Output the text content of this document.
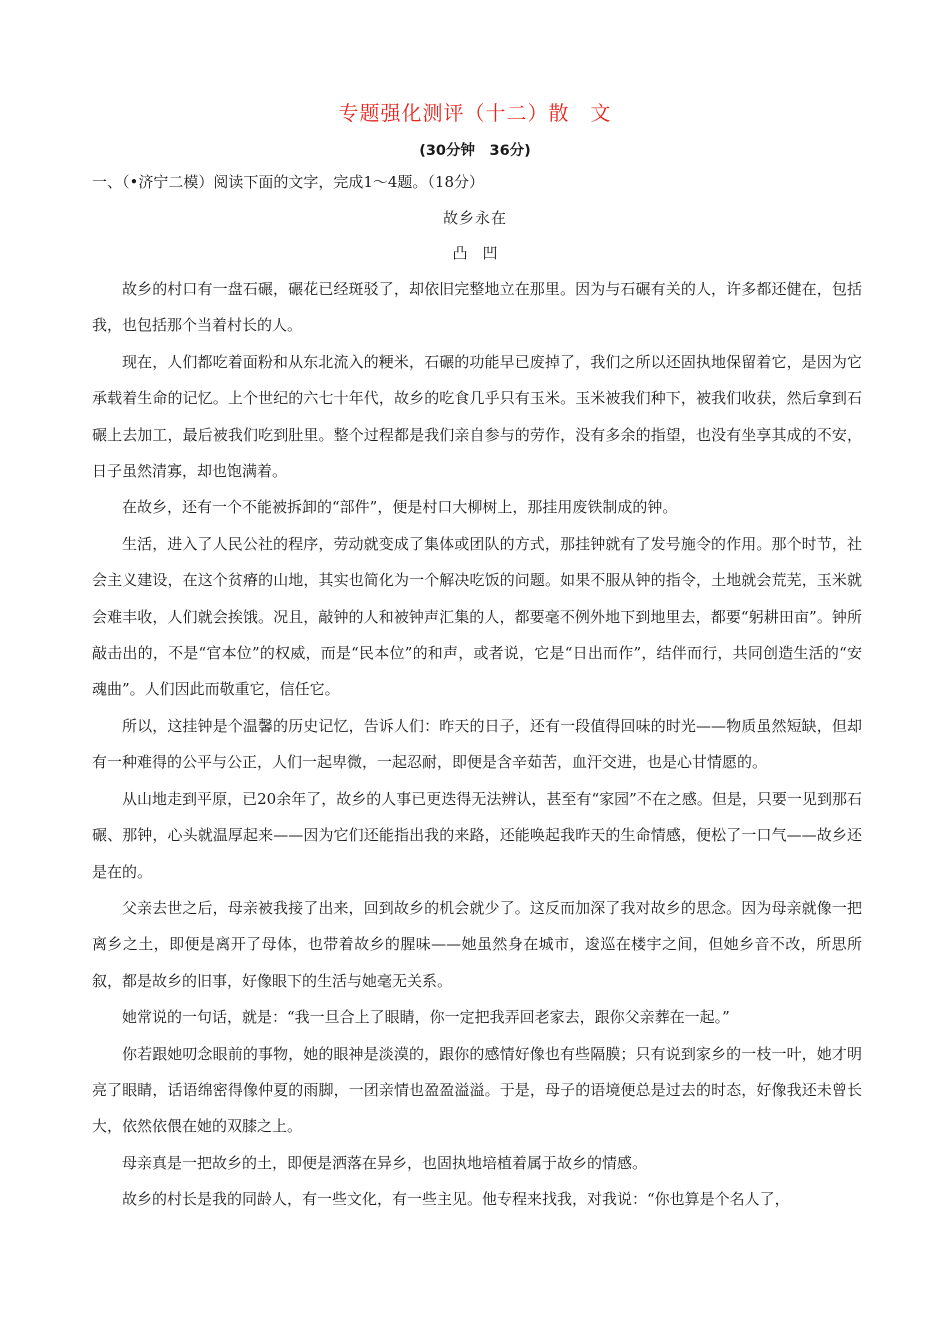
专题强化测评（十二）散　文
(30分钟　36分)
一、（•济宁二模）阅读下面的文字，完成1～4题。（18分）
故乡永在
凸　凹

故乡的村口有一盘石碾，碾花已经斑驳了，却依旧完整地立在那里。因为与石碾有关的人，许多都还健在，包括我，也包括那个当着村长的人。

现在，人们都吃着面粉和从东北流入的粳米，石碾的功能早已废掉了，我们之所以还固执地保留着它，是因为它承载着生命的记忆。上个世纪的六七十年代，故乡的吃食几乎只有玉米。玉米被我们种下，被我们收获，然后拿到石碾上去加工，最后被我们吃到肚里。整个过程都是我们亲自参与的劳作，没有多余的指望，也没有坐享其成的不安，日子虽然清寡，却也饱满着。

在故乡，还有一个不能被拆卸的“部件”，便是村口大柳树上，那挂用废铁制成的钟。

生活，进入了人民公社的程序，劳动就变成了集体或团队的方式，那挂钟就有了发号施令的作用。那个时节，社会主义建设，在这个贫瘠的山地，其实也简化为一个解决吃饭的问题。如果不服从钟的指令，土地就会荒芜，玉米就会难丰收，人们就会挨饿。况且，敲钟的人和被钟声汇集的人，都要毫不例外地下到地里去，都要“躬耕田亩”。钟所敲击出的，不是“官本位”的权威，而是“民本位”的和声，或者说，它是“日出而作”，结伴而行，共同创造生活的“安魂曲”。人们因此而敬重它，信任它。

所以，这挂钟是个温馨的历史记忆，告诉人们：昨天的日子，还有一段值得回味的时光——物质虽然短缺，但却有一种难得的公平与公正，人们一起卑微，一起忍耐，即便是含辛茹苦，血汗交进，也是心甘情愿的。

从山地走到平原，已20余年了，故乡的人事已更迭得无法辨认，甚至有“家园”不在之感。但是，只要一见到那石碾、那钟，心头就温厚起来——因为它们还能指出我的来路，还能唤起我昨天的生命情感，便松了一口气——故乡还是在的。

父亲去世之后，母亲被我接了出来，回到故乡的机会就少了。这反而加深了我对故乡的思念。因为母亲就像一把离乡之土，即便是离开了母体，也带着故乡的腥味——她虽然身在城市，逡巡在楼宇之间，但她乡音不改，所思所叙，都是故乡的旧事，好像眼下的生活与她毫无关系。

她常说的一句话，就是：“我一旦合上了眼睛，你一定把我弄回老家去，跟你父亲葬在一起。”

你若跟她叨念眼前的事物，她的眼神是淡漠的，跟你的感情好像也有些隔膜；只有说到家乡的一枝一叶，她才明亮了眼睛，话语绵密得像仲夏的雨脚，一团亲情也盈盈溢溢。于是，母子的语境便总是过去的时态，好像我还未曾长大，依然依偎在她的双膝之上。

母亲真是一把故乡的土，即便是洒落在异乡，也固执地培植着属于故乡的情感。

故乡的村长是我的同龄人，有一些文化，有一些主见。他专程来找我，对我说：“你也算是个名人了，
